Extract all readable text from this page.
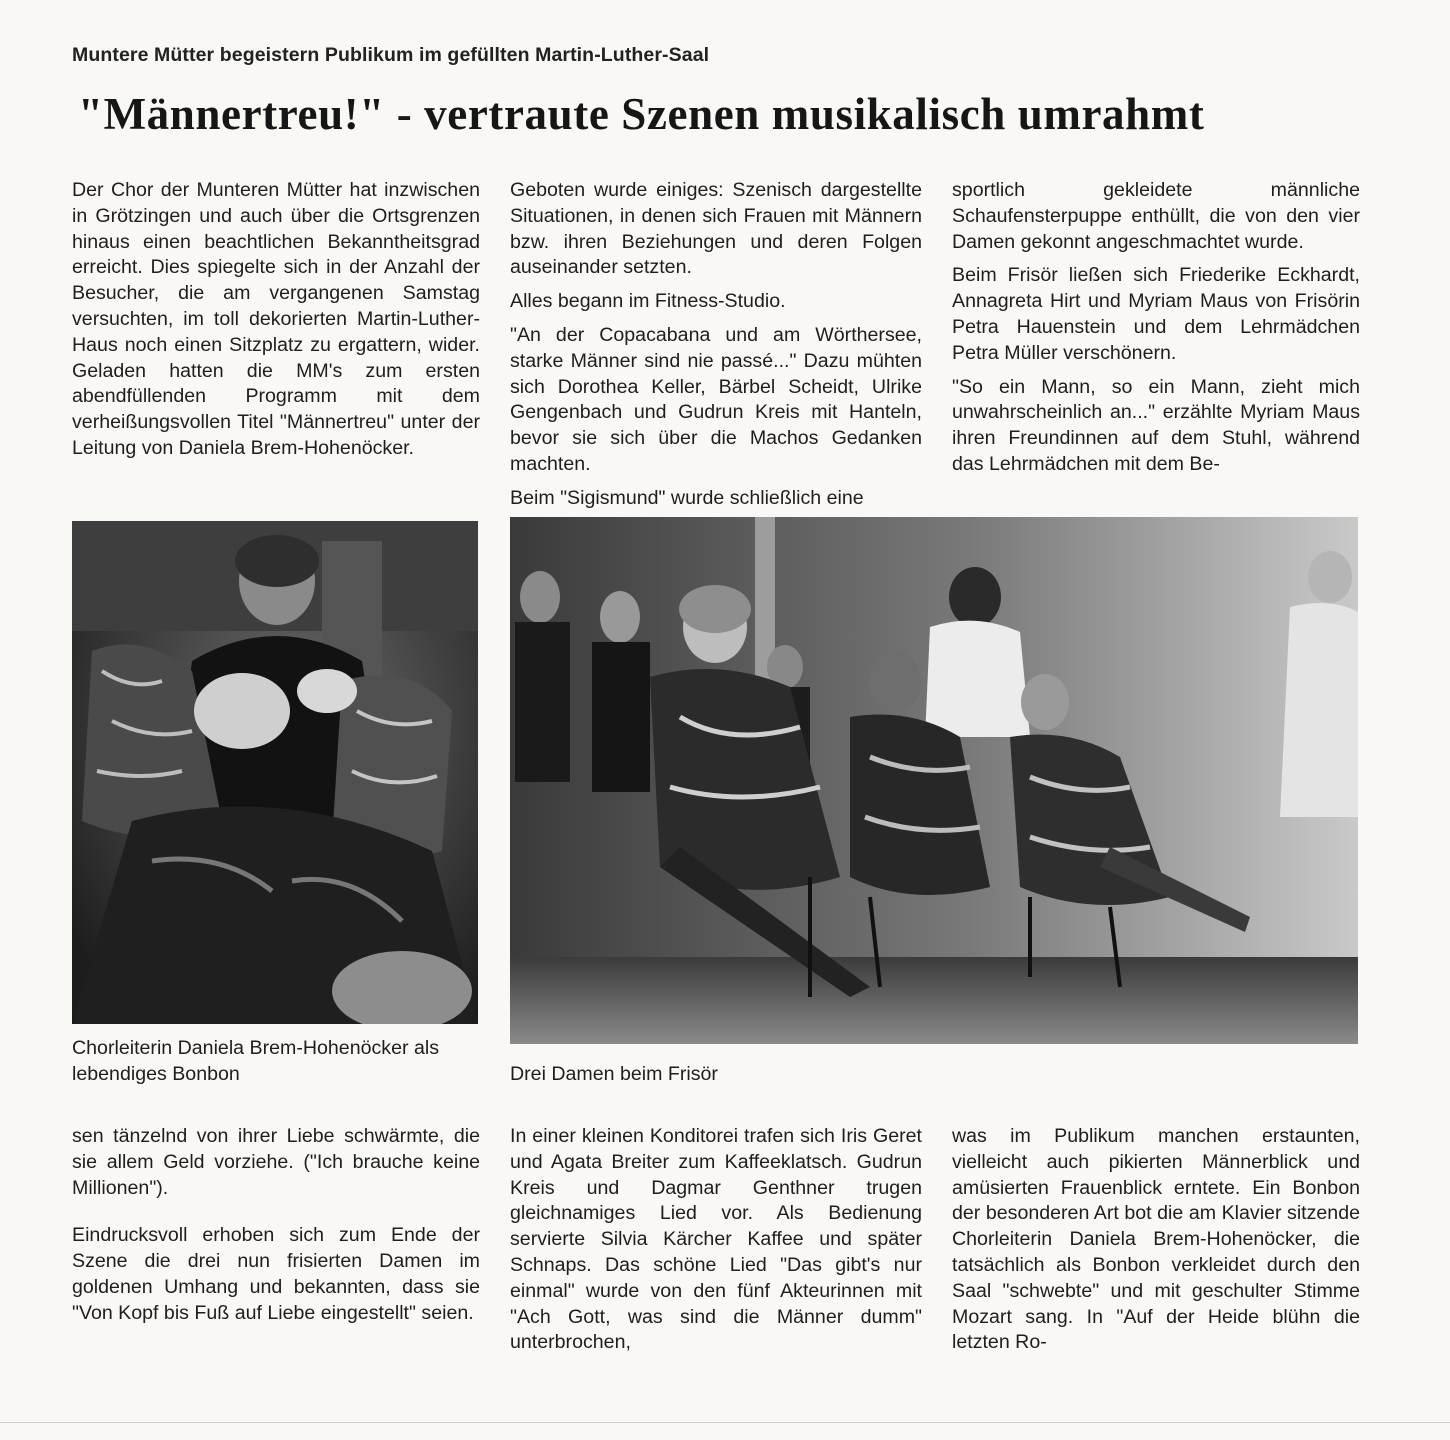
Muntere Mütter begeistern Publikum im gefüllten Martin-Luther-Saal
"Männertreu!" - vertraute Szenen musikalisch umrahmt

Der Chor der Munteren Mütter hat inzwischen in Grötzingen und auch über die Ortsgrenzen hinaus einen beachtlichen Bekanntheitsgrad erreicht. Dies spiegelte sich in der Anzahl der Besucher, die am vergangenen Samstag versuchten, im toll dekorierten Martin-Luther-Haus noch einen Sitzplatz zu ergattern, wider. Geladen hatten die MM's zum ersten abendfüllenden Programm mit dem verheißungsvollen Titel "Männertreu" unter der Leitung von Daniela Brem-Hohenöcker.

Geboten wurde einiges: Szenisch dargestellte Situationen, in denen sich Frauen mit Männern bzw. ihren Beziehungen und deren Folgen auseinander setzten.

Alles begann im Fitness-Studio.

"An der Copacabana und am Wörthersee, starke Männer sind nie passé..." Dazu mühten sich Dorothea Keller, Bärbel Scheidt, Ulrike Gengenbach und Gudrun Kreis mit Hanteln, bevor sie sich über die Machos Gedanken machten.

Beim "Sigismund" wurde schließlich eine

sportlich gekleidete männliche Schaufensterpuppe enthüllt, die von den vier Damen gekonnt angeschmachtet wurde.

Beim Frisör ließen sich Friederike Eckhardt, Annagreta Hirt und Myriam Maus von Frisörin Petra Hauenstein und dem Lehrmädchen Petra Müller verschönern.

"So ein Mann, so ein Mann, zieht mich unwahrscheinlich an..." erzählte Myriam Maus ihren Freundinnen auf dem Stuhl, während das Lehrmädchen mit dem Be-

Chorleiterin Daniela Brem-Hohenöcker als lebendiges Bonbon	Drei Damen beim Frisör

sen tänzelnd von ihrer Liebe schwärmte, die sie allem Geld vorziehe. ("Ich brauche keine Millionen").

Eindrucksvoll erhoben sich zum Ende der Szene die drei nun frisierten Damen im goldenen Umhang und bekannten, dass sie "Von Kopf bis Fuß auf Liebe eingestellt" seien.

In einer kleinen Konditorei trafen sich Iris Geret und Agata Breiter zum Kaffeeklatsch. Gudrun Kreis und Dagmar Genthner trugen gleichnamiges Lied vor. Als Bedienung servierte Silvia Kärcher Kaffee und später Schnaps. Das schöne Lied "Das gibt's nur einmal" wurde von den fünf Akteurinnen mit "Ach Gott, was sind die Männer dumm" unterbrochen,

was im Publikum manchen erstaunten, vielleicht auch pikierten Männerblick und amüsierten Frauenblick erntete. Ein Bonbon der besonderen Art bot die am Klavier sitzende Chorleiterin Daniela Brem-Hohenöcker, die tatsächlich als Bonbon verkleidet durch den Saal "schwebte" und mit geschulter Stimme Mozart sang. In "Auf der Heide blühn die letzten Ro-
